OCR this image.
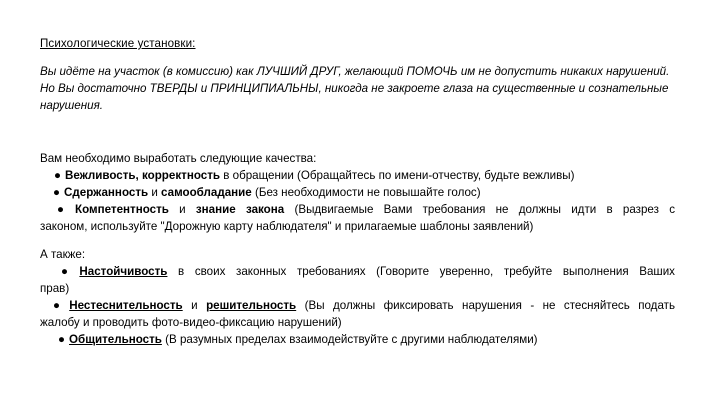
Психологические установки:

Вы идёте на участок (в комиссию) как ЛУЧШИЙ ДРУГ, желающий ПОМОЧЬ им не допустить никаких нарушений.

Но Вы достаточно ТВЕРДЫ и ПРИНЦИПИАЛЬНЫ, никогда не закроете глаза на существенные и сознательные нарушения.

Вам необходимо выработать следующие качества:

● Вежливость, корректность в обращении (Обращайтесь по имени-отчеству, будьте вежливы)

● Сдержанность и самообладание (Без необходимости не повышайте голос)

● Компетентность и знание закона (Выдвигаемые Вами требования не должны идти в разрез с
законом, используйте "Дорожную карту наблюдателя" и прилагаемые шаблоны заявлений)

А также:

● Настойчивость в своих законных требованиях (Говорите уверенно, требуйте выполнения Ваших
прав)
● Нестеснительность и решительность (Вы должны фиксировать нарушения - не стесняйтесь подать
жалобу и проводить фото-видео-фиксацию нарушений)

● Общительность (В разумных пределах взаимодействуйте с другими наблюдателями)
